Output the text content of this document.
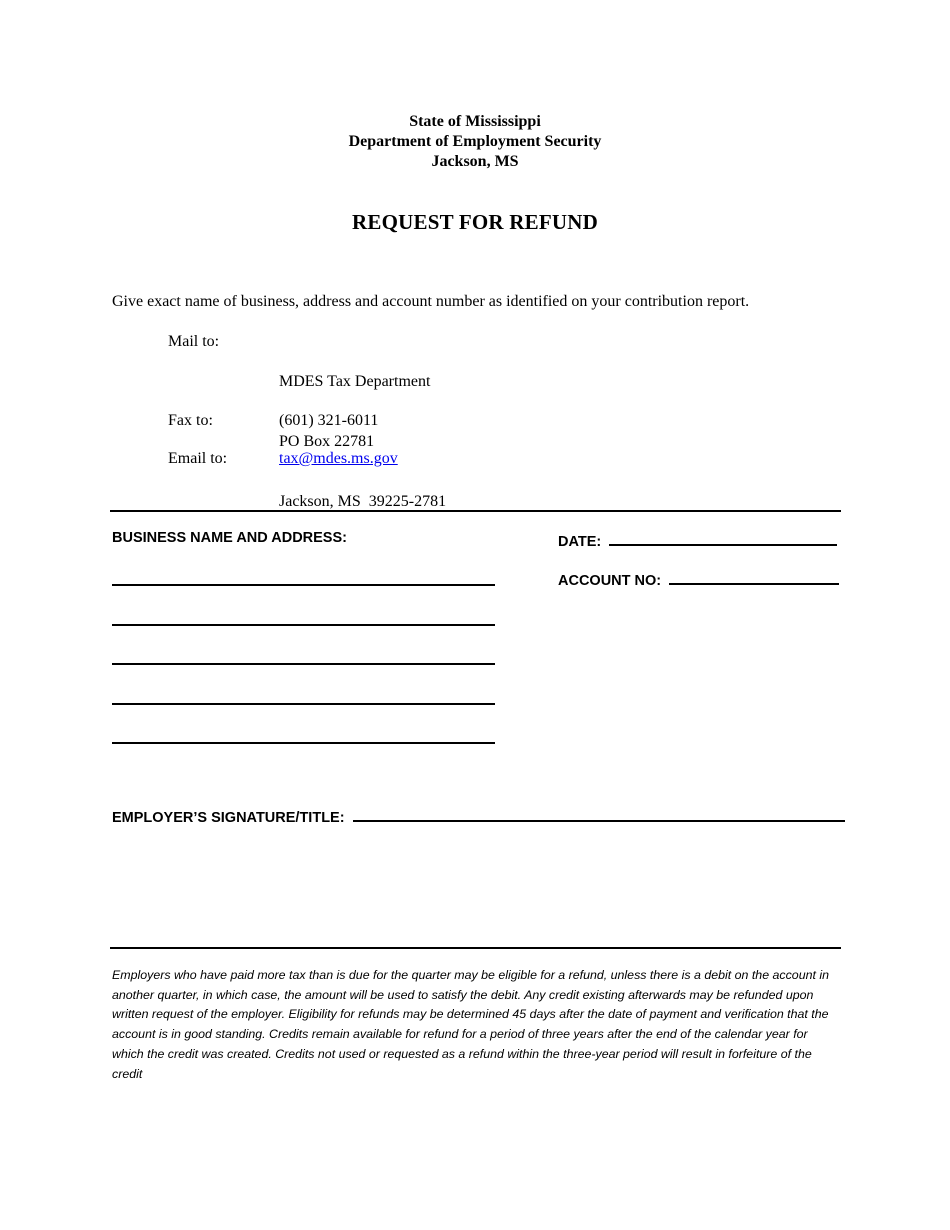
State of Mississippi
Department of Employment Security
Jackson, MS
REQUEST FOR REFUND
Give exact name of business, address and account number as identified on your contribution report.
Mail to:

MDES Tax Department

PO Box 22781

Jackson, MS  39225-2781

Fax to:	(601) 321-6011
Email to:	tax@mdes.ms.gov
BUSINESS NAME AND ADDRESS:	DATE:
ACCOUNT NO:
EMPLOYER’S SIGNATURE/TITLE:
Employers who have paid more tax than is due for the quarter may be eligible for a refund, unless there is a debit on the account in another quarter, in which case, the amount will be used to satisfy the debit. Any credit existing afterwards may be refunded upon written request of the employer. Eligibility for refunds may be determined 45 days after the date of payment and verification that the account is in good standing. Credits remain available for refund for a period of three years after the end of the calendar year for which the credit was created. Credits not used or requested as a refund within the three-year period will result in forfeiture of the credit
